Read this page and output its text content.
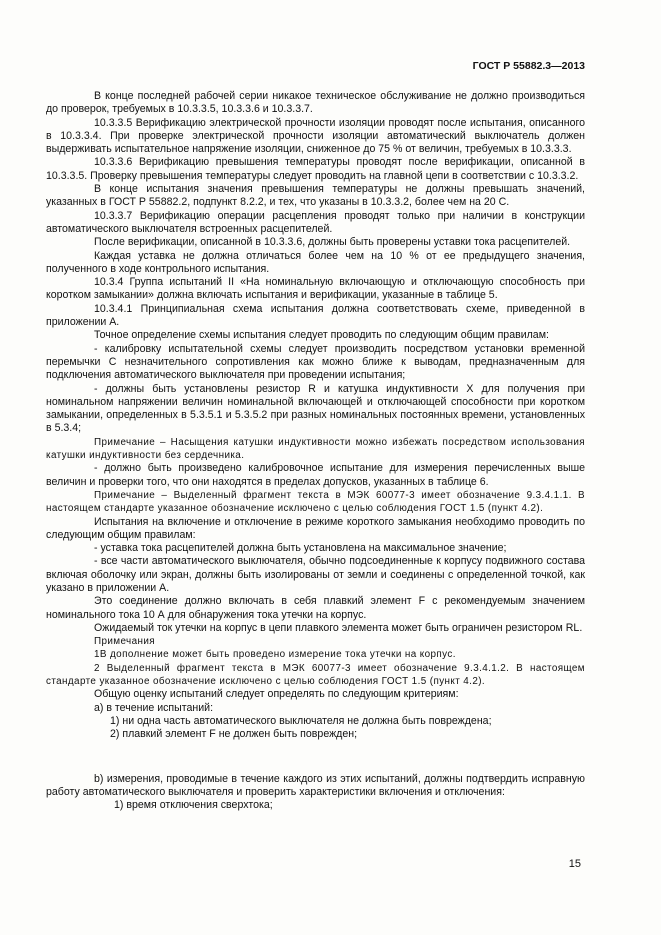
ГОСТ Р 55882.3—2013

В конце последней рабочей серии никакое техническое обслуживание не должно производиться до проверок, требуемых в 10.3.3.5, 10.3.3.6 и 10.3.3.7.

10.3.3.5 Верификацию электрической прочности изоляции проводят после испытания, описанного в 10.3.3.4. При проверке электрической прочности изоляции автоматический выключатель должен выдерживать испытательное напряжение изоляции, сниженное до 75 % от величин, требуемых в 10.3.3.3.

10.3.3.6 Верификацию превышения температуры проводят после верификации, описанной в 10.3.3.5. Проверку превышения температуры следует проводить на главной цепи в соответствии с 10.3.3.2.

В конце испытания значения превышения температуры не должны превышать значений, указанных в ГОСТ Р 55882.2, подпункт 8.2.2, и тех, что указаны в 10.3.3.2, более чем на 20 С.

10.3.3.7 Верификацию операции расцепления проводят только при наличии в конструкции автоматического выключателя встроенных расцепителей.

После верификации, описанной в 10.3.3.6, должны быть проверены уставки тока расцепителей.

Каждая уставка не должна отличаться более чем на 10 % от ее предыдущего значения, полученного в ходе контрольного испытания.

10.3.4 Группа испытаний II «На номинальную включающую и отключающую способность при коротком замыкании» должна включать испытания и верификации, указанные в таблице 5.

10.3.4.1 Принципиальная схема испытания должна соответствовать схеме, приведенной в приложении А.

Точное определение схемы испытания следует проводить по следующим общим правилам:

- калибровку испытательной схемы следует производить посредством установки временной перемычки С незначительного сопротивления как можно ближе к выводам, предназначенным для подключения автоматического выключателя при проведении испытания;

- должны быть установлены резистор R и катушка индуктивности X для получения при номинальном напряжении величин номинальной включающей и отключающей способности при коротком замыкании, определенных в 5.3.5.1 и 5.3.5.2 при разных номинальных постоянных времени, установленных в 5.3.4;

Примечание – Насыщения катушки индуктивности можно избежать посредством использования катушки индуктивности без сердечника.

- должно быть произведено калибровочное испытание для измерения перечисленных выше величин и проверки того, что они находятся в пределах допусков, указанных в таблице 6.

Примечание – Выделенный фрагмент текста в МЭК 60077-3 имеет обозначение 9.3.4.1.1. В настоящем стандарте указанное обозначение исключено с целью соблюдения ГОСТ 1.5 (пункт 4.2).

Испытания на включение и отключение в режиме короткого замыкания необходимо проводить по следующим общим правилам:

- уставка тока расцепителей должна быть установлена на максимальное значение;

- все части автоматического выключателя, обычно подсоединенные к корпусу подвижного состава включая оболочку или экран, должны быть изолированы от земли и соединены с определенной точкой, как указано в приложении А.

Это соединение должно включать в себя плавкий элемент F с рекомендуемым значением номинального тока 10 А для обнаружения тока утечки на корпус.

Ожидаемый ток утечки на корпус в цепи плавкого элемента может быть ограничен резистором RL.

Примечания

1В дополнение может быть проведено измерение тока утечки на корпус.

2 Выделенный фрагмент текста в МЭК 60077-3 имеет обозначение 9.3.4.1.2. В настоящем стандарте указанное обозначение исключено с целью соблюдения ГОСТ 1.5 (пункт 4.2).

Общую оценку испытаний следует определять по следующим критериям:

а) в течение испытаний:

1) ни одна часть автоматического выключателя не должна быть повреждена;

2) плавкий элемент F не должен быть поврежден;

b) измерения, проводимые в течение каждого из этих испытаний, должны подтвердить исправную работу автоматического выключателя и проверить характеристики включения и отключения:

1) время отключения сверхтока;

15
